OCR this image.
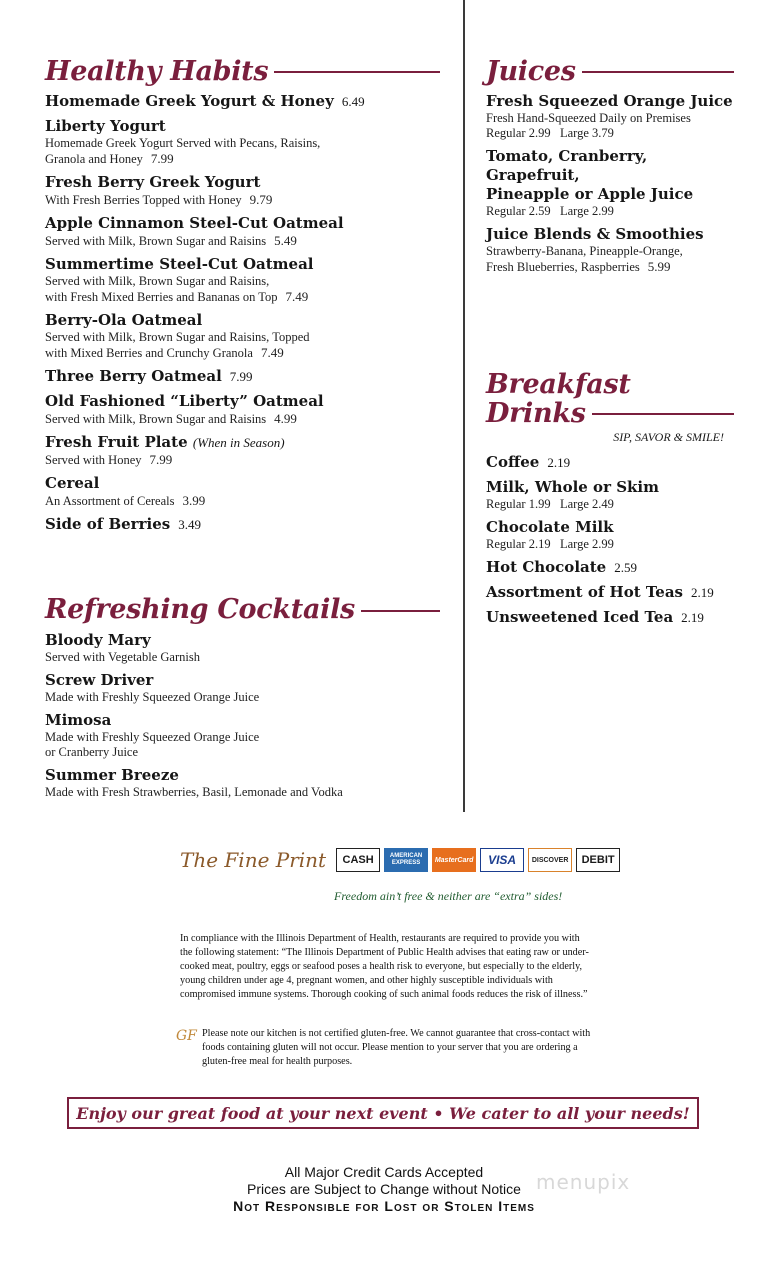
Healthy Habits
Homemade Greek Yogurt & Honey 6.49
Liberty Yogurt
Homemade Greek Yogurt Served with Pecans, Raisins,
Granola and Honey 7.99
Fresh Berry Greek Yogurt
With Fresh Berries Topped with Honey 9.79
Apple Cinnamon Steel-Cut Oatmeal
Served with Milk, Brown Sugar and Raisins 5.49
Summertime Steel-Cut Oatmeal
Served with Milk, Brown Sugar and Raisins,
with Fresh Mixed Berries and Bananas on Top 7.49
Berry-Ola Oatmeal
Served with Milk, Brown Sugar and Raisins, Topped
with Mixed Berries and Crunchy Granola 7.49
Three Berry Oatmeal 7.99
Old Fashioned “Liberty” Oatmeal
Served with Milk, Brown Sugar and Raisins 4.99
Fresh Fruit Plate (When in Season)
Served with Honey 7.99
Cereal
An Assortment of Cereals 3.99
Side of Berries 3.49
Refreshing Cocktails
Bloody Mary
Served with Vegetable Garnish
Screw Driver
Made with Freshly Squeezed Orange Juice
Mimosa
Made with Freshly Squeezed Orange Juice
or Cranberry Juice
Summer Breeze
Made with Fresh Strawberries, Basil, Lemonade and Vodka
Juices
Fresh Squeezed Orange Juice
Fresh Hand-Squeezed Daily on Premises
Regular 2.99   Large 3.79
Tomato, Cranberry, Grapefruit,
Pineapple or Apple Juice
Regular 2.59   Large 2.99
Juice Blends & Smoothies
Strawberry-Banana, Pineapple-Orange,
Fresh Blueberries, Raspberries 5.99
Breakfast
Drinks
SIP, SAVOR & SMILE!
Coffee 2.19
Milk, Whole or Skim
Regular 1.99   Large 2.49
Chocolate Milk
Regular 2.19   Large 2.99
Hot Chocolate 2.59
Assortment of Hot Teas 2.19
Unsweetened Iced Tea 2.19
The Fine Print	CASH	AMERICAN EXPRESS	MasterCard	VISA	DISCOVER	DEBIT
Freedom ain’t free & neither are “extra” sides!
In compliance with the Illinois Department of Health, restaurants are required to provide you with the following statement: “The Illinois Department of Public Health advises that eating raw or under-cooked meat, poultry, eggs or seafood poses a health risk to everyone, but especially to the elderly, young children under age 4, pregnant women, and other highly susceptible individuals with compromised immune systems. Thorough cooking of such animal foods reduces the risk of illness.”
GF Please note our kitchen is not certified gluten-free. We cannot guarantee that cross-contact with foods containing gluten will not occur. Please mention to your server that you are ordering a gluten-free meal for health purposes.
Enjoy our great food at your next event • We cater to all your needs!
All Major Credit Cards Accepted
Prices are Subject to Change without Notice
Not Responsible for Lost or Stolen Items
menupix
